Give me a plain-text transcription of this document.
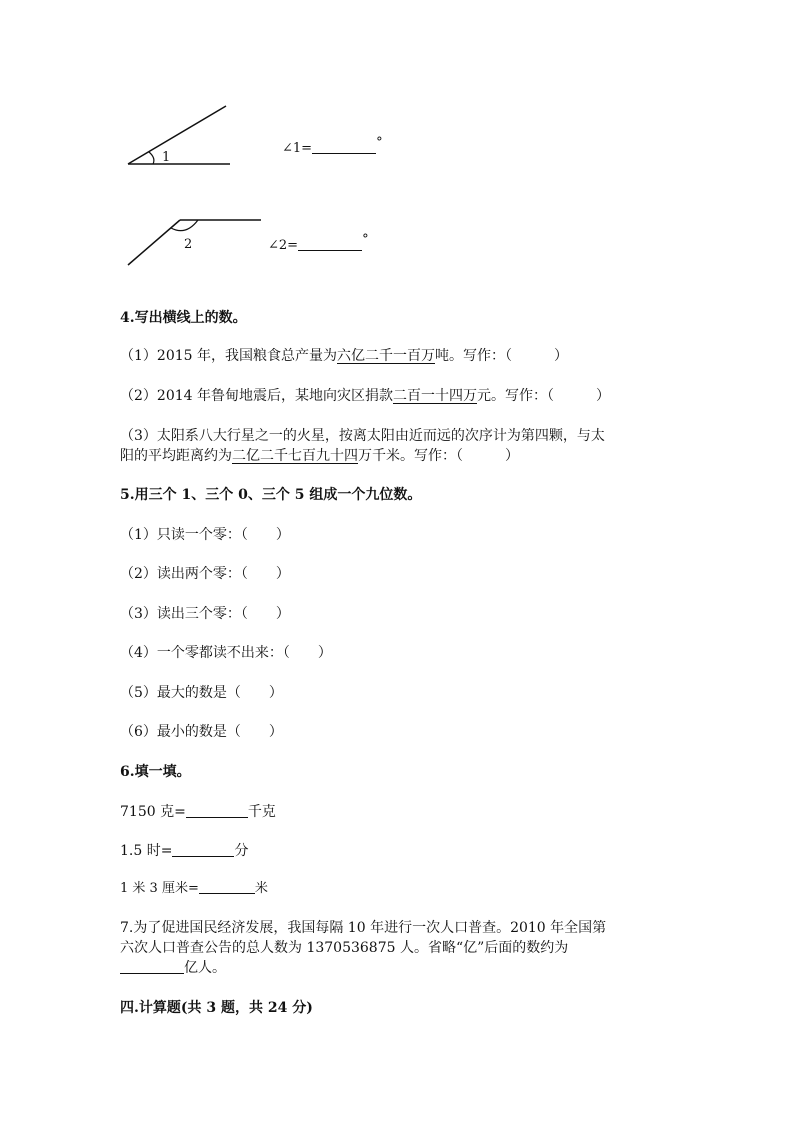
1
2
∠1=	°
∠2=	°
4.写出横线上的数。
（1）2015 年，我国粮食总产量为六亿二千一百万吨。写作：（　　　）
（2）2014 年鲁甸地震后，某地向灾区捐款二百一十四万元。写作：（　　　）
（3）太阳系八大行星之一的火星，按离太阳由近而远的次序计为第四颗，与太
阳的平均距离约为二亿二千七百九十四万千米。写作：（　　　）
5.用三个 1、三个 0、三个 5 组成一个九位数。
（1）只读一个零：（　　）
（2）读出两个零：（　　）
（3）读出三个零：（　　）
（4）一个零都读不出来：（　　）
（5）最大的数是（　　）
（6）最小的数是（　　）
6.填一填。
7150 克=	千克
1.5 时=	分
1 米 3 厘米=	米
7.为了促进国民经济发展，我国每隔 10 年进行一次人口普查。2010 年全国第
六次人口普查公告的总人数为 1370536875 人。省略“亿”后面的数约为
亿人。
四.计算题(共 3 题，共 24 分)
